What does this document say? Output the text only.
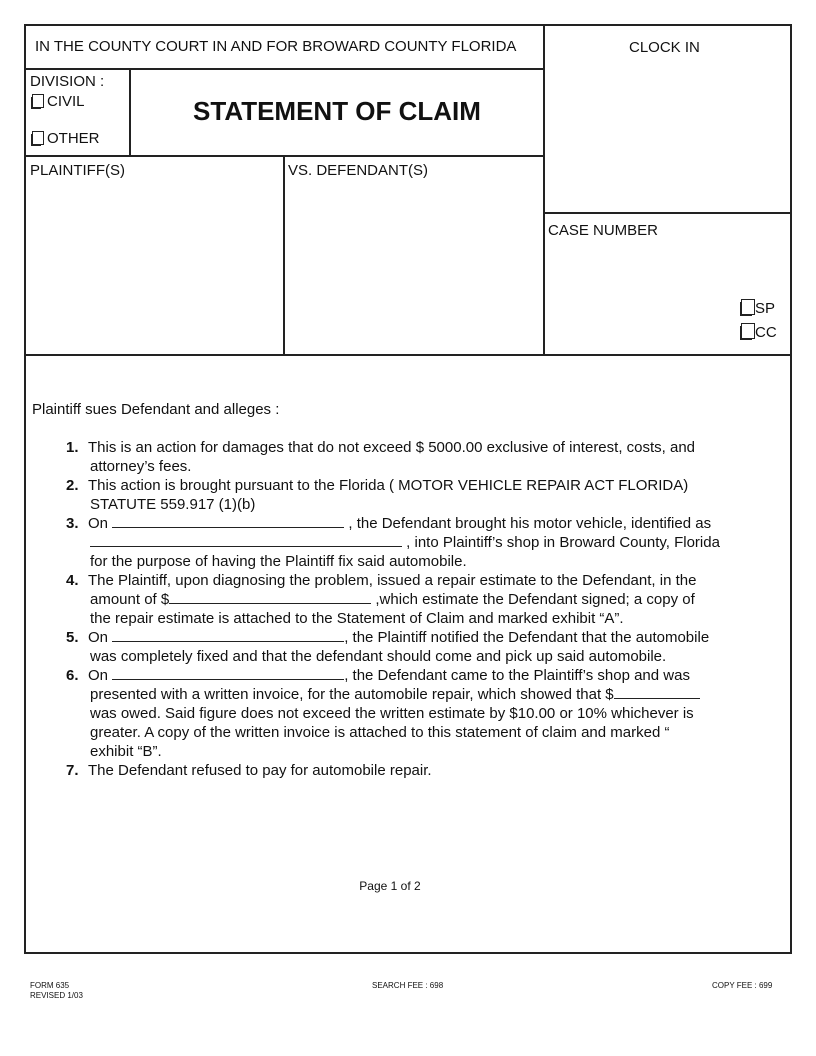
IN THE COUNTY COURT IN AND FOR BROWARD COUNTY FLORIDA	CLOCK IN
DIVISION :
CIVIL
OTHER
STATEMENT OF CLAIM
PLAINTIFF(S)	VS. DEFENDANT(S)
CASE NUMBER
SP
CC
Plaintiff sues Defendant and alleges :
1. This is an action for damages that do not exceed $ 5000.00 exclusive of interest, costs, and
attorney’s fees.
2. This action is brought pursuant to the Florida ( MOTOR VEHICLE REPAIR ACT FLORIDA)
STATUTE 559.917 (1)(b)
3. On	, the Defendant brought his motor vehicle, identified as
, into Plaintiff’s shop in Broward County, Florida
for the purpose of having the Plaintiff fix said automobile.
4. The Plaintiff, upon diagnosing the problem, issued a repair estimate to the Defendant, in the
amount of $	,which estimate the Defendant signed; a copy of
the repair estimate is attached to the Statement of Claim and marked exhibit “A”.
5. On	, the Plaintiff notified the Defendant that the automobile
was completely fixed and that the defendant should come and pick up said automobile.
6. On	, the Defendant came to the Plaintiff’s shop and was
presented with a written invoice, for the automobile repair, which showed that $
was owed. Said figure does not exceed the written estimate by $10.00 or 10% whichever is
greater. A copy of the written invoice is attached to this statement of claim and marked “
exhibit “B”.
7. The Defendant refused to pay for automobile repair.
Page 1 of 2
FORM 635
REVISED 1/03
SEARCH FEE : 698	COPY FEE : 699
